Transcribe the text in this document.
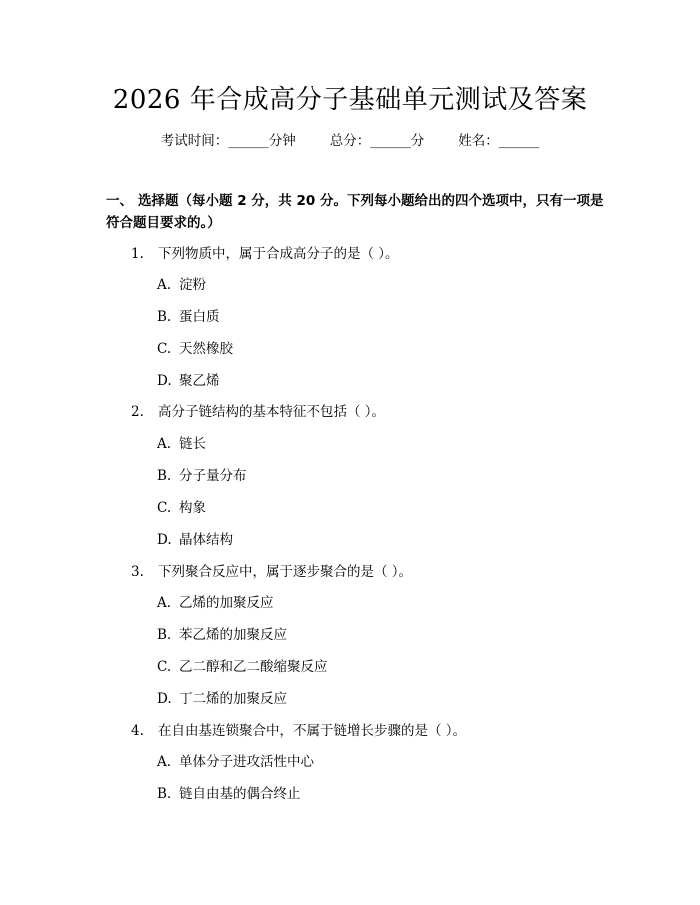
2026 年合成高分子基础单元测试及答案
考试时间：______分钟	总分：______分	姓名：______
一、 选择题（每小题 2 分，共 20 分。下列每小题给出的四个选项中，只有一项是符合题目要求的。）
1. 下列物质中，属于合成高分子的是（ ）。
A. 淀粉
B. 蛋白质
C. 天然橡胶
D. 聚乙烯
2. 高分子链结构的基本特征不包括（ ）。
A. 链长
B. 分子量分布
C. 构象
D. 晶体结构
3. 下列聚合反应中，属于逐步聚合的是（ ）。
A. 乙烯的加聚反应
B. 苯乙烯的加聚反应
C. 乙二醇和乙二酸缩聚反应
D. 丁二烯的加聚反应
4. 在自由基连锁聚合中，不属于链增长步骤的是（ ）。
A. 单体分子进攻活性中心
B. 链自由基的偶合终止
